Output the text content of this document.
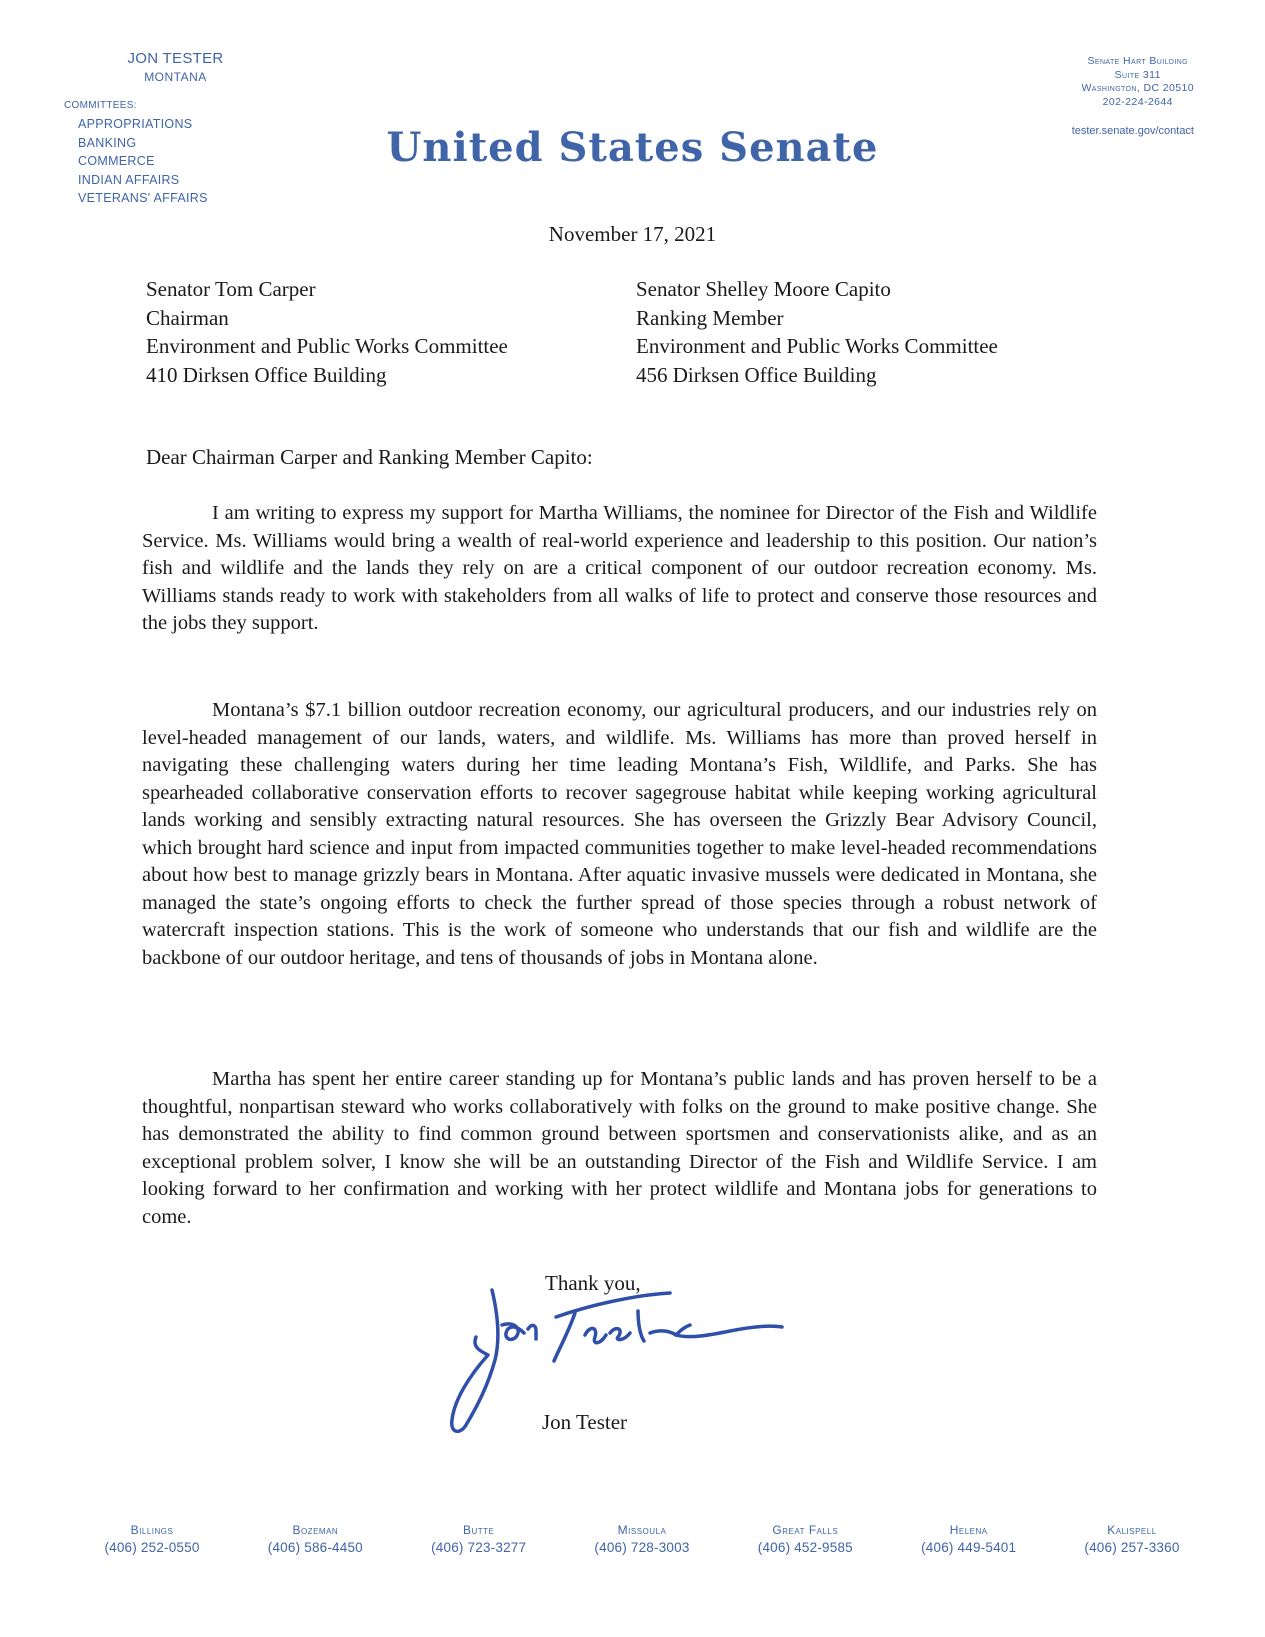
JON TESTER
MONTANA
COMMITTEES:
APPROPRIATIONS
BANKING
COMMERCE
INDIAN AFFAIRS
VETERANS' AFFAIRS
United States Senate
Senate Hart Building
Suite 311
Washington, DC 20510
202-224-2644
tester.senate.gov/contact
November 17, 2021
Senator Tom Carper
Chairman
Environment and Public Works Committee
410 Dirksen Office Building
Senator Shelley Moore Capito
Ranking Member
Environment and Public Works Committee
456 Dirksen Office Building
Dear Chairman Carper and Ranking Member Capito:

I am writing to express my support for Martha Williams, the nominee for Director of the Fish and Wildlife Service. Ms. Williams would bring a wealth of real-world experience and leadership to this position. Our nation’s fish and wildlife and the lands they rely on are a critical component of our outdoor recreation economy. Ms. Williams stands ready to work with stakeholders from all walks of life to protect and conserve those resources and the jobs they support.

Montana’s $7.1 billion outdoor recreation economy, our agricultural producers, and our industries rely on level-headed management of our lands, waters, and wildlife. Ms. Williams has more than proved herself in navigating these challenging waters during her time leading Montana’s Fish, Wildlife, and Parks. She has spearheaded collaborative conservation efforts to recover sagegrouse habitat while keeping working agricultural lands working and sensibly extracting natural resources. She has overseen the Grizzly Bear Advisory Council, which brought hard science and input from impacted communities together to make level-headed recommendations about how best to manage grizzly bears in Montana. After aquatic invasive mussels were dedicated in Montana, she managed the state’s ongoing efforts to check the further spread of those species through a robust network of watercraft inspection stations. This is the work of someone who understands that our fish and wildlife are the backbone of our outdoor heritage, and tens of thousands of jobs in Montana alone.

Martha has spent her entire career standing up for Montana’s public lands and has proven herself to be a thoughtful, nonpartisan steward who works collaboratively with folks on the ground to make positive change. She has demonstrated the ability to find common ground between sportsmen and conservationists alike, and as an exceptional problem solver, I know she will be an outstanding Director of the Fish and Wildlife Service. I am looking forward to her confirmation and working with her protect wildlife and Montana jobs for generations to come.

Thank you,
Jon Tester
Billings
(406) 252-0550
Bozeman
(406) 586-4450
Butte
(406) 723-3277
Missoula
(406) 728-3003
Great Falls
(406) 452-9585
Helena
(406) 449-5401
Kalispell
(406) 257-3360
